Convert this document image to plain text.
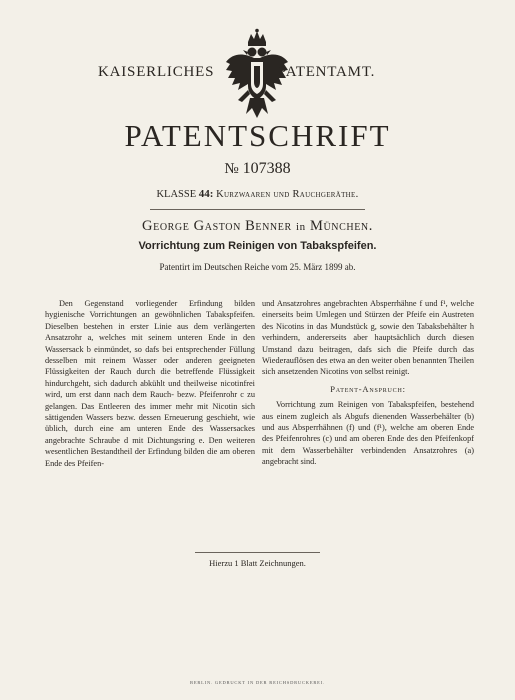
KAISERLICHES	PATENTAMT.
PATENTSCHRIFT
№ 107388
KLASSE 44: Kurzwaaren und Rauchgeräthe.
George Gaston Benner in München.
Vorrichtung zum Reinigen von Tabakspfeifen.
Patentirt im Deutschen Reiche vom 25. März 1899 ab.

Den Gegenstand vorliegender Erfindung bilden hygienische Vorrichtungen an gewöhnlichen Tabakspfeifen. Dieselben bestehen in erster Linie aus dem verlängerten Ansatzrohr a, welches mit seinem unteren Ende in den Wassersack b einmündet, so dafs bei entsprechender Füllung desselben mit reinem Wasser oder anderen geeigneten Flüssigkeiten der Rauch durch die betreffende Flüssigkeit hindurchgeht, sich dadurch abkühlt und theilweise nicotinfrei wird, um erst dann nach dem Rauch- bezw. Pfeifenrohr c zu gelangen. Das Entleeren des immer mehr mit Nicotin sich sättigenden Wassers bezw. dessen Erneuerung geschieht, wie üblich, durch eine am unteren Ende des Wassersackes angebrachte Schraube d mit Dichtungsring e. Den weiteren wesentlichen Bestandtheil der Erfindung bilden die am oberen Ende des Pfeifen-

und Ansatzrohres angebrachten Absperrhähne f und f¹, welche einerseits beim Umlegen und Stürzen der Pfeife ein Austreten des Nicotins in das Mundstück g, sowie den Tabaksbehälter h verhindern, andererseits aber hauptsächlich durch diesen Umstand dazu beitragen, dafs sich die Pfeife durch das Wiederauflösen des etwa an den weiter oben benannten Theilen sich ansetzenden Nicotins von selbst reinigt.

Patent-Anspruch:

Vorrichtung zum Reinigen von Tabakspfeifen, bestehend aus einem zugleich als Abgufs dienenden Wasserbehälter (b) und aus Absperrhähnen (f) und (f¹), welche am oberen Ende des Pfeifenrohres (c) und am oberen Ende des den Pfeifenkopf mit dem Wasserbehälter verbindenden Ansatzrohres (a) angebracht sind.

Hierzu 1 Blatt Zeichnungen.
BERLIN. GEDRUCKT IN DER REICHSDRUCKEREI.
